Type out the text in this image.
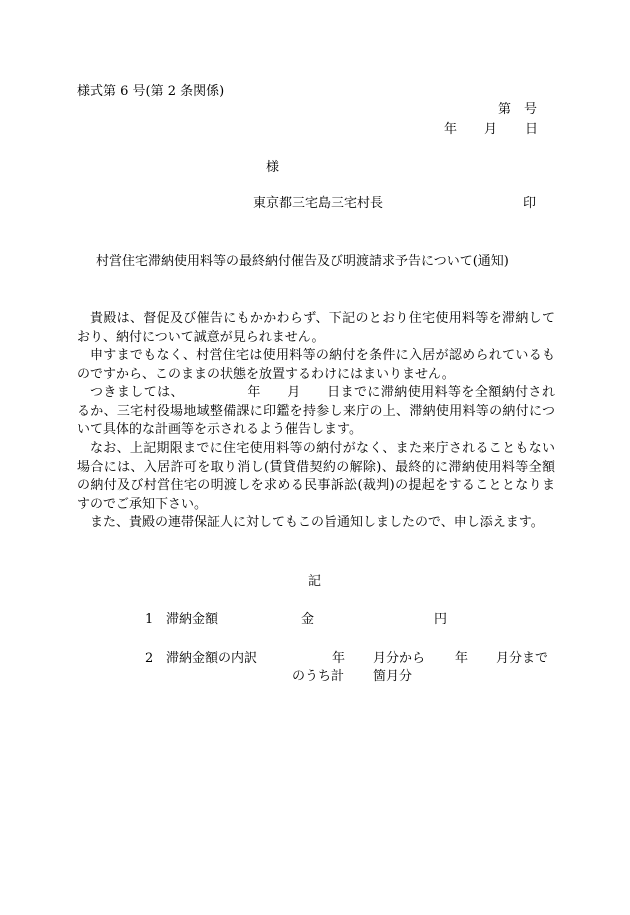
様式第 6 号(第 2 条関係)
第 号
年 月 日
様
東京都三宅島三宅村長	印
村営住宅滞納使用料等の最終納付催告及び明渡請求予告について(通知)

貴殿は、督促及び催告にもかかわらず、下記のとおり住宅使用料等を滞納しており、納付について誠意が見られません。

申すまでもなく、村営住宅は使用料等の納付を条件に入居が認められているものですから、このままの状態を放置するわけにはまいりません。

つきましては、	年 月 日までに滞納使用料等を全額納付されるか、三宅村役場地域整備課に印鑑を持参し来庁の上、滞納使用料等の納付について具体的な計画等を示されるよう催告します。

なお、上記期限までに住宅使用料等の納付がなく、また来庁されることもない場合には、入居許可を取り消し(賃貸借契約の解除)、最終的に滞納使用料等全額の納付及び村営住宅の明渡しを求める民事訴訟(裁判)の提起をすることとなりますのでご承知下さい。

また、貴殿の連帯保証人に対してもこの旨通知しましたので、申し添えます。

記
1 滞納金額	金	円
2 滞納金額の内訳	年 月分から 年 月分まで
のうち計 箇月分
